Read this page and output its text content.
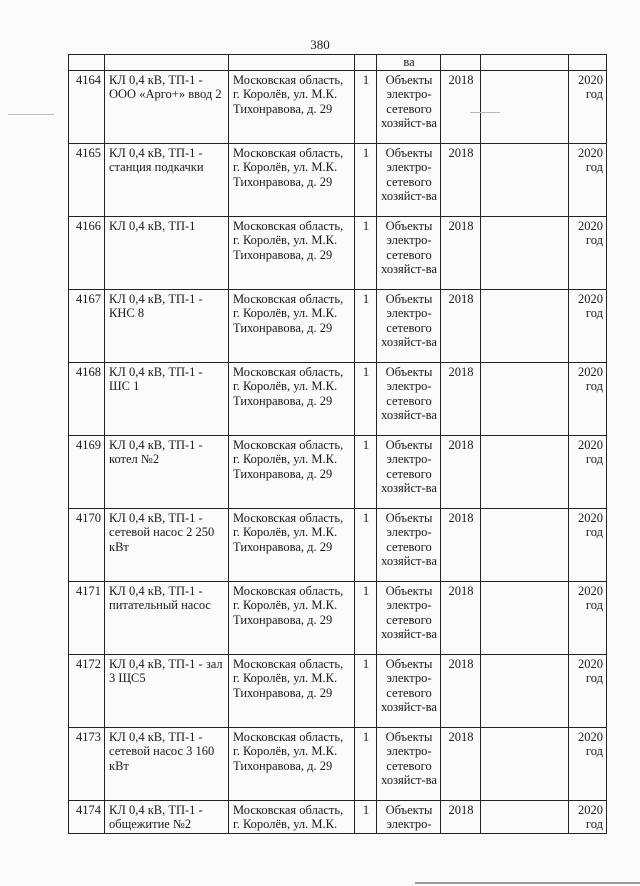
380
				ва			
4164	КЛ 0,4 кВ, ТП-1 - ООО «Арго+» ввод 2	Московская область, г. Королёв, ул. М.К. Тихонравова, д. 29	1	Объекты электро-сетевого хозяйст-ва	2018		2020 год
4165	КЛ 0,4 кВ, ТП-1 - станция подкачки	Московская область, г. Королёв, ул. М.К. Тихонравова, д. 29	1	Объекты электро-сетевого хозяйст-ва	2018		2020 год
4166	КЛ 0,4 кВ, ТП-1	Московская область, г. Королёв, ул. М.К. Тихонравова, д. 29	1	Объекты электро-сетевого хозяйст-ва	2018		2020 год
4167	КЛ 0,4 кВ, ТП-1 - КНС 8	Московская область, г. Королёв, ул. М.К. Тихонравова, д. 29	1	Объекты электро-сетевого хозяйст-ва	2018		2020 год
4168	КЛ 0,4 кВ, ТП-1 - ШС 1	Московская область, г. Королёв, ул. М.К. Тихонравова, д. 29	1	Объекты электро-сетевого хозяйст-ва	2018		2020 год
4169	КЛ 0,4 кВ, ТП-1 - котел №2	Московская область, г. Королёв, ул. М.К. Тихонравова, д. 29	1	Объекты электро-сетевого хозяйст-ва	2018		2020 год
4170	КЛ 0,4 кВ, ТП-1 - сетевой насос 2 250 кВт	Московская область, г. Королёв, ул. М.К. Тихонравова, д. 29	1	Объекты электро-сетевого хозяйст-ва	2018		2020 год
4171	КЛ 0,4 кВ, ТП-1 - питательный насос	Московская область, г. Королёв, ул. М.К. Тихонравова, д. 29	1	Объекты электро-сетевого хозяйст-ва	2018		2020 год
4172	КЛ 0,4 кВ, ТП-1 - зал 3 ЩС5	Московская область, г. Королёв, ул. М.К. Тихонравова, д. 29	1	Объекты электро-сетевого хозяйст-ва	2018		2020 год
4173	КЛ 0,4 кВ, ТП-1 - сетевой насос 3 160 кВт	Московская область, г. Королёв, ул. М.К. Тихонравова, д. 29	1	Объекты электро-сетевого хозяйст-ва	2018		2020 год
4174	КЛ 0,4 кВ, ТП-1 - общежитие №2	Московская область, г. Королёв, ул. М.К.	1	Объекты электро-	2018		2020 год
